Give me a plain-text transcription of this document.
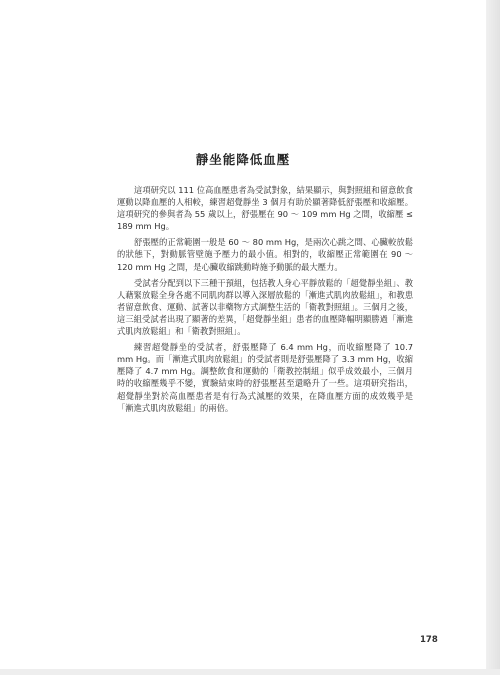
靜坐能降低血壓

這項研究以 111 位高血壓患者為受試對象，結果顯示，與對照組和留意飲食運動以降血壓的人相較，練習超覺靜坐 3 個月有助於顯著降低舒張壓和收縮壓。這項研究的參與者為 55 歲以上，舒張壓在 90 ～ 109 mm Hg 之間，收縮壓 ≤ 189 mm Hg。

舒張壓的正常範圍一般是 60 ～ 80 mm Hg，是兩次心跳之間、心臟較放鬆的狀態下，對動脈管壁施予壓力的最小值。相對的，收縮壓正常範圍在 90 ～ 120 mm Hg 之間，是心臟收縮跳動時施予動脈的最大壓力。

受試者分配到以下三種干預組，包括教人身心平靜放鬆的「超覺靜坐組」、教人藉緊放鬆全身各處不同肌肉群以導入深層放鬆的「漸進式肌肉放鬆組」，和教患者留意飲食、運動、試著以非藥物方式調整生活的「衛教對照組」。三個月之後，這三組受試者出現了顯著的差異，「超覺靜坐組」患者的血壓降幅明顯勝過「漸進式肌肉放鬆組」和「衛教對照組」。

練習超覺靜坐的受試者，舒張壓降了 6.4 mm Hg，而收縮壓降了 10.7 mm Hg。而「漸進式肌肉放鬆組」的受試者則是舒張壓降了 3.3 mm Hg，收縮壓降了 4.7 mm Hg。調整飲食和運動的「衛教控制組」似乎成效最小，三個月時的收縮壓幾乎不變，實驗結束時的舒張壓甚至還略升了一些。這項研究指出，超覺靜坐對於高血壓患者是有行為式減壓的效果，在降血壓方面的成效幾乎是「漸進式肌肉放鬆組」的兩倍。

178
